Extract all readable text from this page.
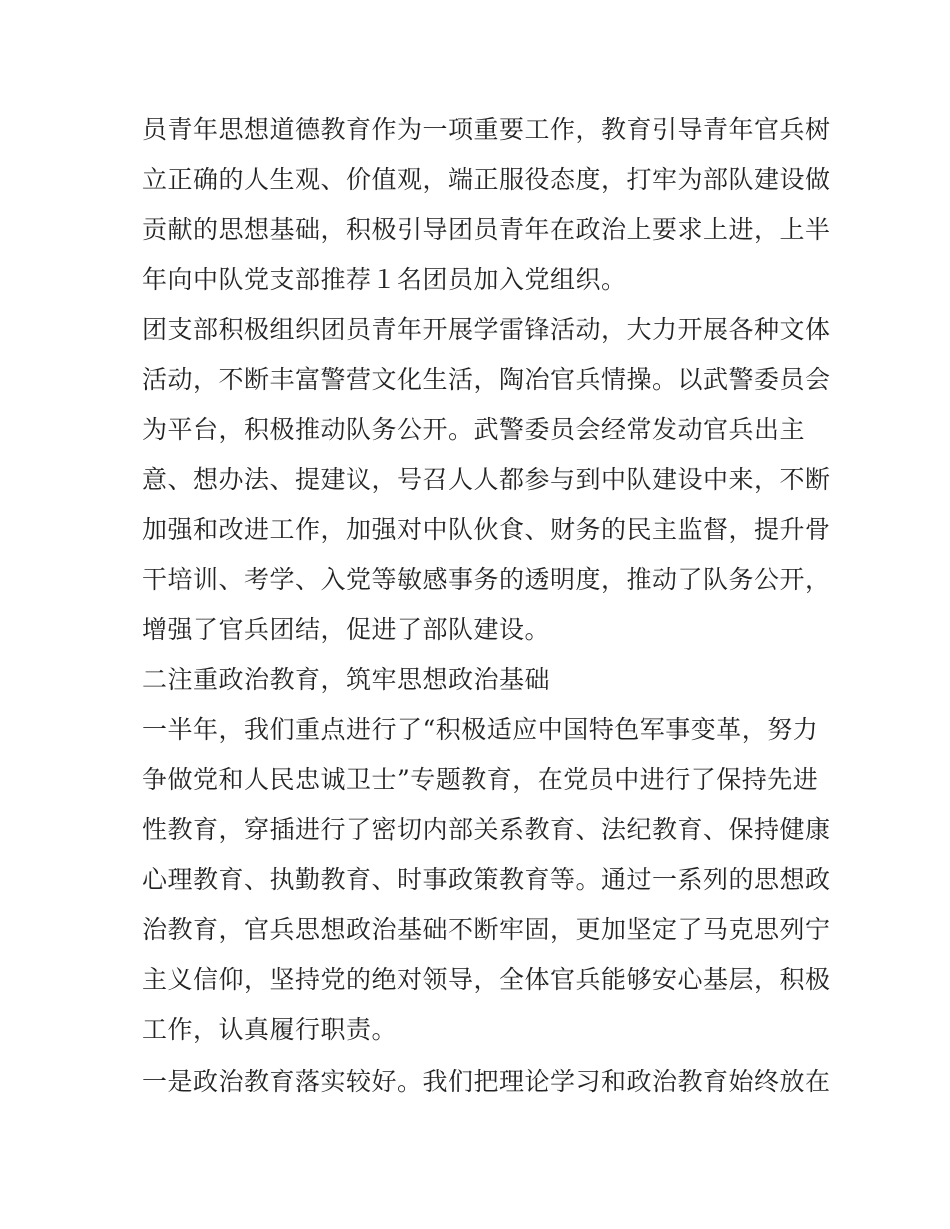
员青年思想道德教育作为一项重要工作，教育引导青年官兵树
立正确的人生观、价值观，端正服役态度，打牢为部队建设做
贡献的思想基础，积极引导团员青年在政治上要求上进，上半
年向中队党支部推荐１名团员加入党组织。
团支部积极组织团员青年开展学雷锋活动，大力开展各种文体
活动，不断丰富警营文化生活，陶冶官兵情操。以武警委员会
为平台，积极推动队务公开。武警委员会经常发动官兵出主
意、想办法、提建议，号召人人都参与到中队建设中来，不断
加强和改进工作，加强对中队伙食、财务的民主监督，提升骨
干培训、考学、入党等敏感事务的透明度，推动了队务公开，
增强了官兵团结，促进了部队建设。
二注重政治教育，筑牢思想政治基础
一半年，我们重点进行了“积极适应中国特色军事变革，努力
争做党和人民忠诚卫士”专题教育，在党员中进行了保持先进
性教育，穿插进行了密切内部关系教育、法纪教育、保持健康
心理教育、执勤教育、时事政策教育等。通过一系列的思想政
治教育，官兵思想政治基础不断牢固，更加坚定了马克思列宁
主义信仰，坚持党的绝对领导，全体官兵能够安心基层，积极
工作，认真履行职责。
一是政治教育落实较好。我们把理论学习和政治教育始终放在
